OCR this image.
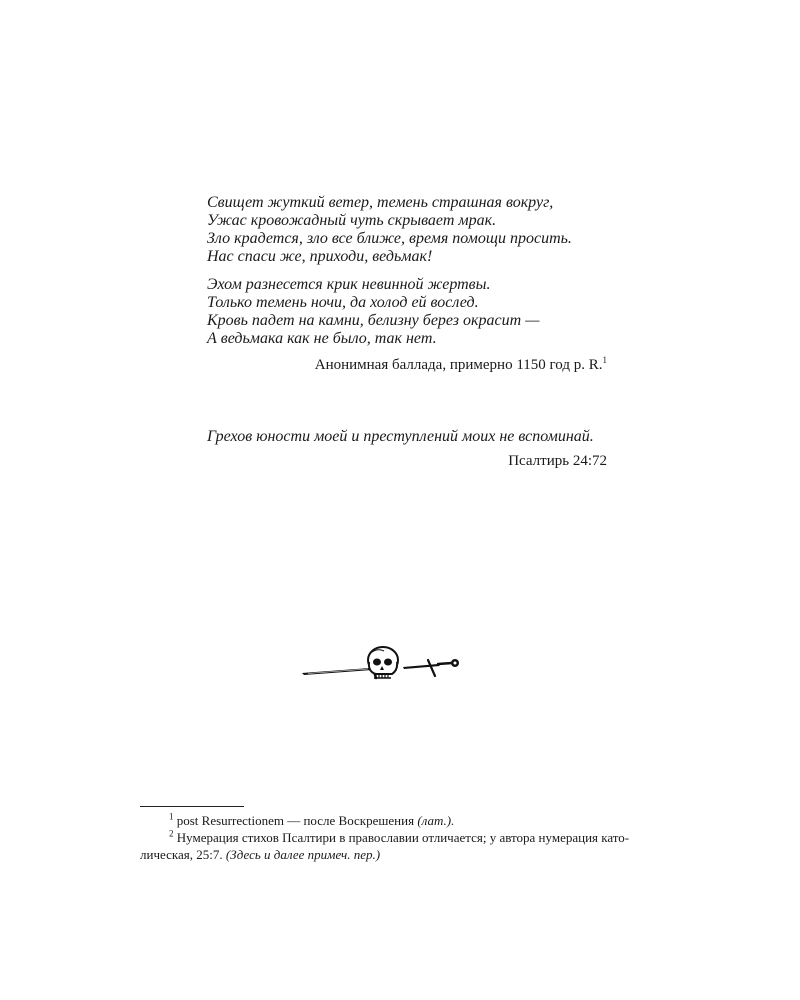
Свищет жуткий ветер, темень страшная вокруг,
Ужас кровожадный чуть скрывает мрак.
Зло крадется, зло все ближе, время помощи просить.
Нас спаси же, приходи, ведьмак!
Эхом разнесется крик невинной жертвы.
Только темень ночи, да холод ей вослед.
Кровь падет на камни, белизну берез окрасит —
А ведьмака как не было, так нет.
Анонимная баллада, примерно 1150 год р. R.$^1$
Грехов юности моей и преступлений моих не вспоминай.
Псалтирь 24:72

$^1$ post Resurrectionem — после Воскрешения (лат.).

$^2$ Нумерация стихов Псалтири в православии отличается; у автора нумерация като-

лическая, 25:7. (Здесь и далее примеч. пер.)
